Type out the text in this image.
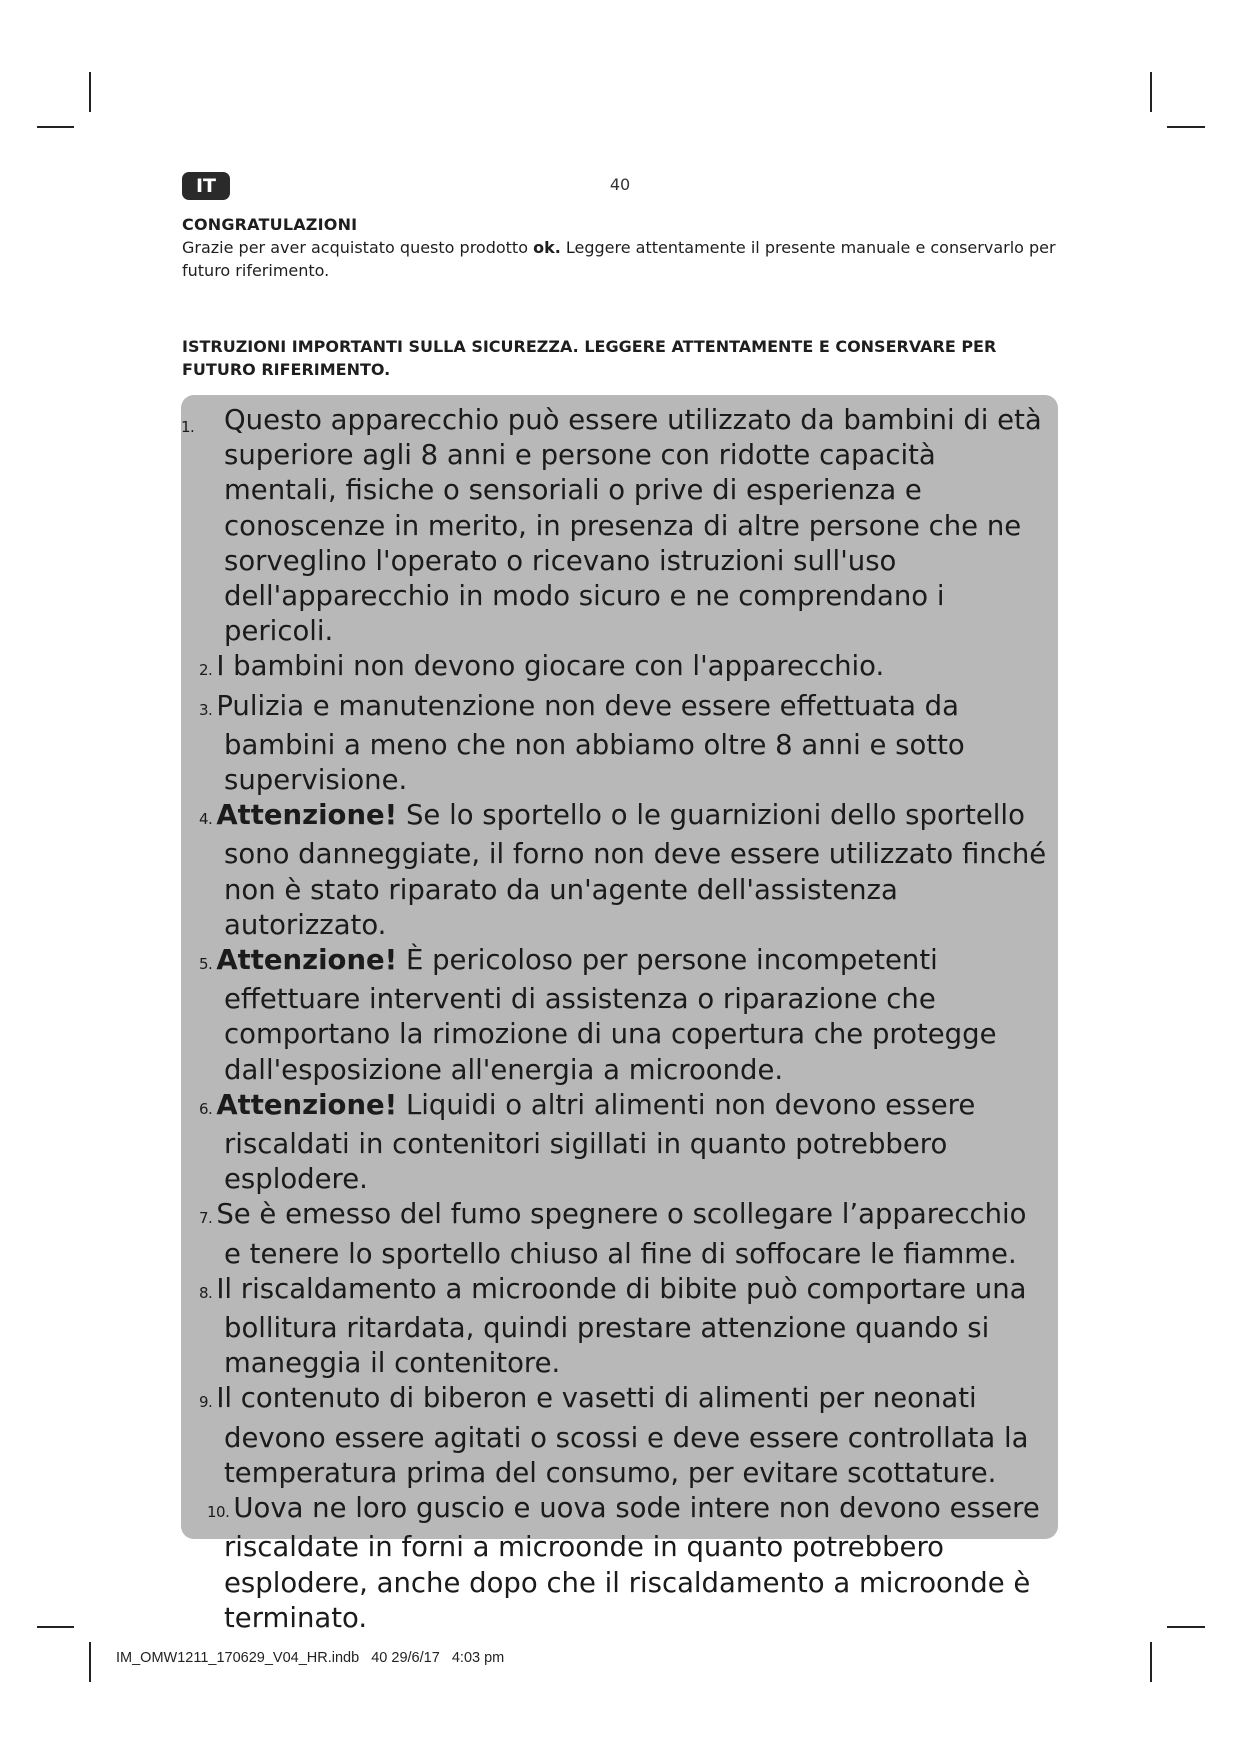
IT	40
CONGRATULAZIONI

Grazie per aver acquistato questo prodotto ok. Leggere attentamente il presente manuale e conservarlo per futuro riferimento.

ISTRUZIONI IMPORTANTI SULLA SICUREZZA. LEGGERE ATTENTAMENTE E CONSERVARE PER FUTURO RIFERIMENTO.
1. Questo apparecchio può essere utilizzato da bambini di età superiore agli 8 anni e persone con ridotte capacità mentali, fisiche o sensoriali o prive di esperienza e conoscenze in merito, in presenza di altre persone che ne sorveglino l'operato o ricevano istruzioni sull'uso dell'apparecchio in modo sicuro e ne comprendano i pericoli.
2. I bambini non devono giocare con l'apparecchio.
3. Pulizia e manutenzione non deve essere effettuata da bambini a meno che non abbiamo oltre 8 anni e sotto supervisione.
4. Attenzione! Se lo sportello o le guarnizioni dello sportello sono danneggiate, il forno non deve essere utilizzato finché non è stato riparato da un'agente dell'assistenza autorizzato.
5. Attenzione! È pericoloso per persone incompetenti effettuare interventi di assistenza o riparazione che comportano la rimozione di una copertura che protegge dall'esposizione all'energia a microonde.
6. Attenzione! Liquidi o altri alimenti non devono essere riscaldati in contenitori sigillati in quanto potrebbero esplodere.
7. Se è emesso del fumo spegnere o scollegare l’apparecchio e tenere lo sportello chiuso al fine di soffocare le fiamme.
8. Il riscaldamento a microonde di bibite può comportare una bollitura ritardata, quindi prestare attenzione quando si maneggia il contenitore.
9. Il contenuto di biberon e vasetti di alimenti per neonati devono essere agitati o scossi e deve essere controllata la temperatura prima del consumo, per evitare scottature.
10. Uova ne loro guscio e uova sode intere non devono essere riscaldate in forni a microonde in quanto potrebbero esplodere, anche dopo che il riscaldamento a microonde è terminato.
IM_OMW1211_170629_V04_HR.indb   40 29/6/17   4:03 pm
